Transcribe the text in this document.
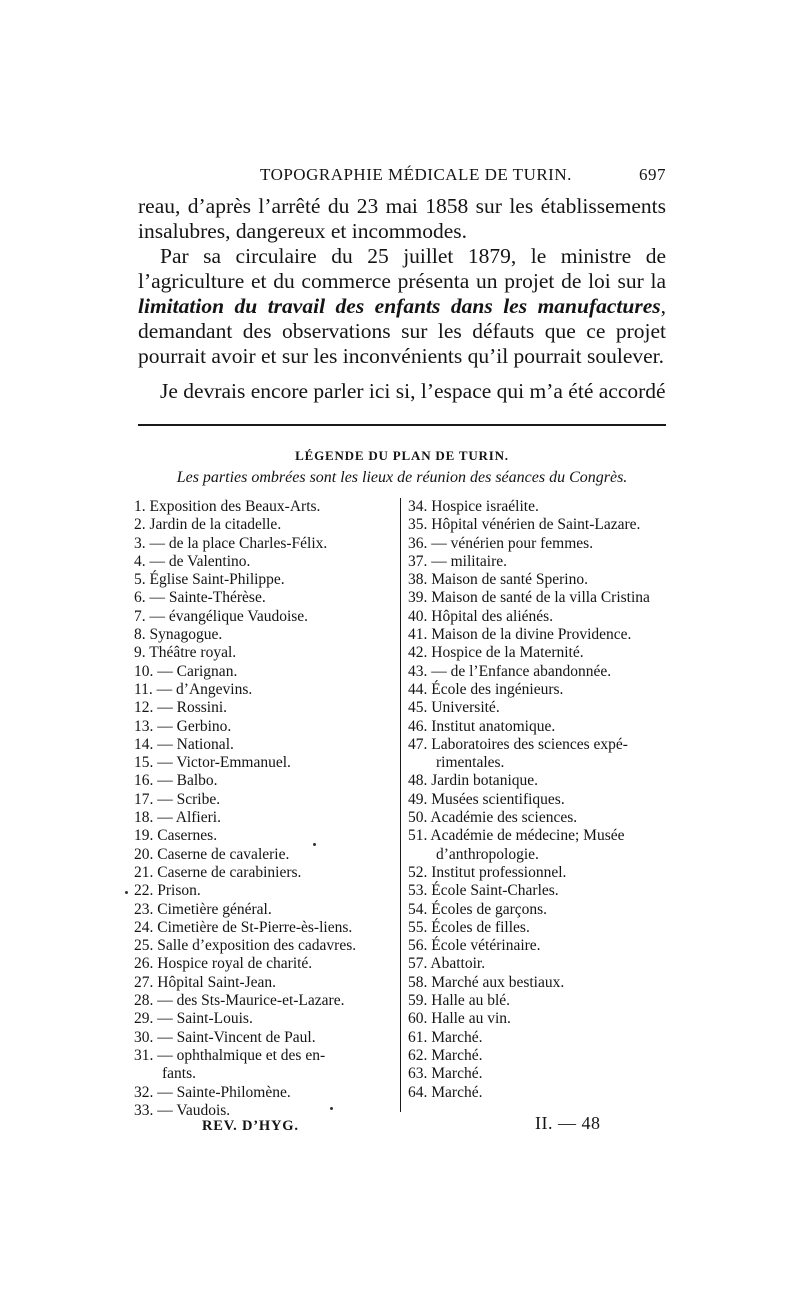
TOPOGRAPHIE MÉDICALE DE TURIN.	697

reau, d’après l’arrêté du 23 mai 1858 sur les établissements insalubres, dangereux et incommodes.

Par sa circulaire du 25 juillet 1879, le ministre de l’agriculture et du commerce présenta un projet de loi sur la limitation du travail des enfants dans les manufactures, demandant des observations sur les défauts que ce projet pourrait avoir et sur les inconvénients qu’il pourrait soulever.

Je devrais encore parler ici si, l’espace qui m’a été accordé

LÉGENDE DU PLAN DE TURIN.
Les parties ombrées sont les lieux de réunion des séances du Congrès.
1. Exposition des Beaux-Arts.
2. Jardin de la citadelle.
3. — de la place Charles-Félix.
4. — de Valentino.
5. Église Saint-Philippe.
6. — Sainte-Thérèse.
7. — évangélique Vaudoise.
8. Synagogue.
9. Théâtre royal.
10. — Carignan.
11. — d’Angevins.
12. — Rossini.
13. — Gerbino.
14. — National.
15. — Victor-Emmanuel.
16. — Balbo.
17. — Scribe.
18. — Alfieri.
19. Casernes.
20. Caserne de cavalerie.
21. Caserne de carabiniers.
22. Prison.
23. Cimetière général.
24. Cimetière de St-Pierre-ès-liens.
25. Salle d’exposition des cadavres.
26. Hospice royal de charité.
27. Hôpital Saint-Jean.
28. — des Sts-Maurice-et-Lazare.
29. — Saint-Louis.
30. — Saint-Vincent de Paul.
31. — ophthalmique et des en-
fants.
32. — Sainte-Philomène.
33. — Vaudois.
34. Hospice israélite.
35. Hôpital vénérien de Saint-Lazare.
36. — vénérien pour femmes.
37. — militaire.
38. Maison de santé Sperino.
39. Maison de santé de la villa Cristina
40. Hôpital des aliénés.
41. Maison de la divine Providence.
42. Hospice de la Maternité.
43. — de l’Enfance abandonnée.
44. École des ingénieurs.
45. Université.
46. Institut anatomique.
47. Laboratoires des sciences expé-
rimentales.
48. Jardin botanique.
49. Musées scientifiques.
50. Académie des sciences.
51. Académie de médecine; Musée
d’anthropologie.
52. Institut professionnel.
53. École Saint-Charles.
54. Écoles de garçons.
55. Écoles de filles.
56. École vétérinaire.
57. Abattoir.
58. Marché aux bestiaux.
59. Halle au blé.
60. Halle au vin.
61. Marché.
62. Marché.
63. Marché.
64. Marché.
REV. D’HYG.	II. — 48
